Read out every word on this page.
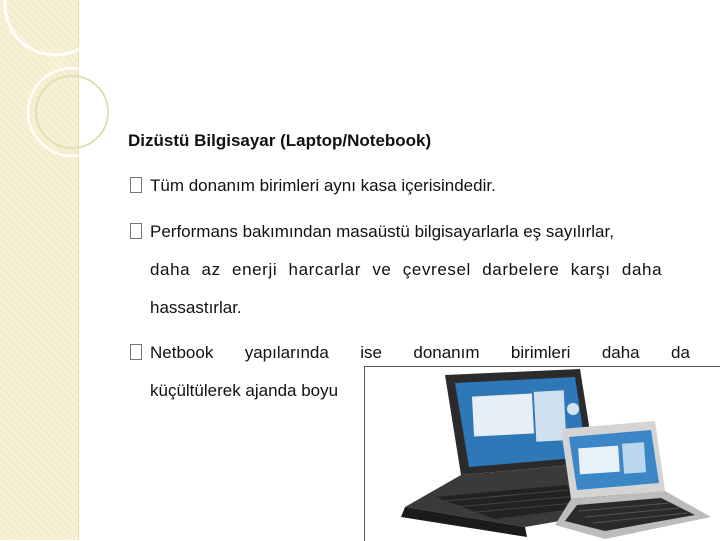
Dizüstü Bilgisayar (Laptop/Notebook)
Tüm donanım birimleri aynı kasa içerisindedir.
Performans bakımından masaüstü bilgisayarlarla eş sayılırlar,
daha az enerji harcarlar ve çevresel darbelere karşı daha
hassastırlar.
Netbook yapılarında ise donanım birimleri daha da
küçültülerek ajanda boyu
